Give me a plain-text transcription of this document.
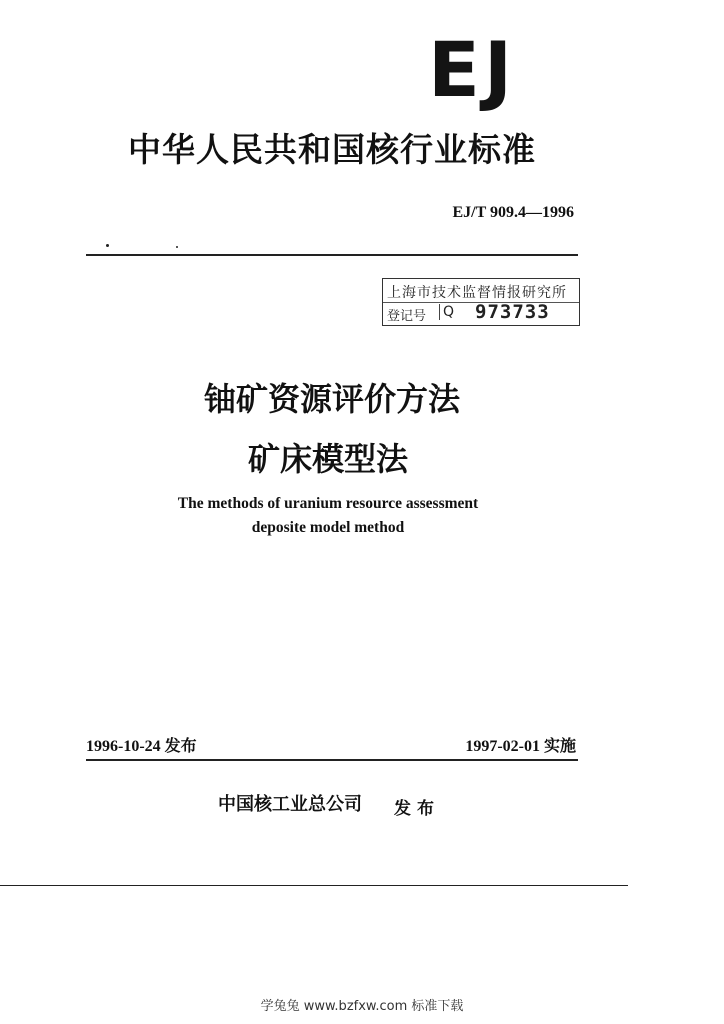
EJ
中华人民共和国核行业标准
EJ/T 909.4—1996
上海市技术监督情报研究所
登记号 Q 973733
铀矿资源评价方法
矿床模型法
The methods of uranium resource assessment
deposite model method
1996-10-24 发布	1997-02-01 实施
中国核工业总公司 发布
学兔兔 www.bzfxw.com 标准下载
